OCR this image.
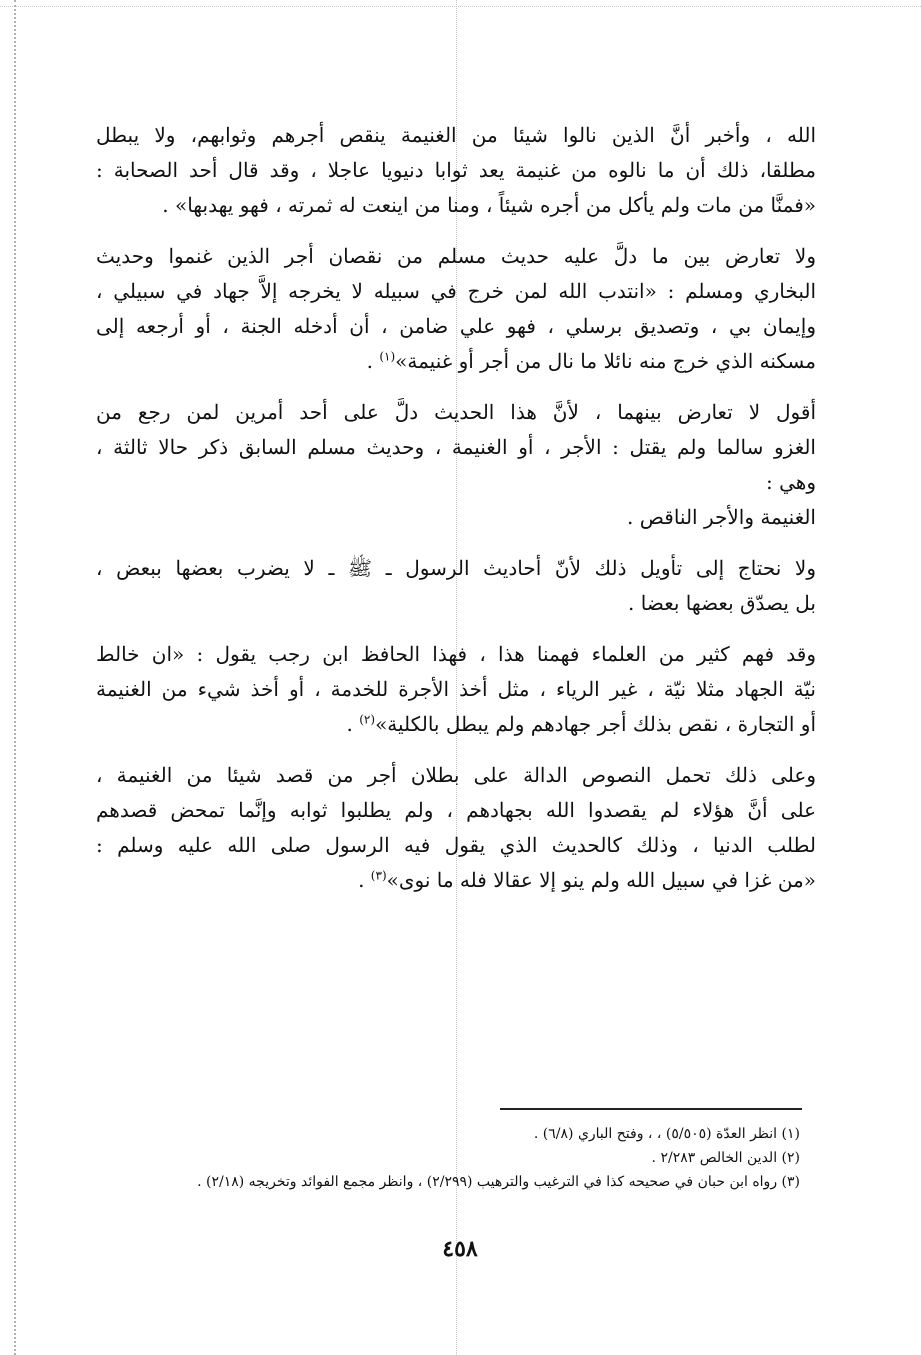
الله ، وأخبر أنَّ الذين نالوا شيئا من الغنيمة ينقص أجرهم وثوابهم، ولا يبطل
مطلقا، ذلك أن ما نالوه من غنيمة يعد ثوابا دنيويا عاجلا ، وقد قال أحد الصحابة :
«فمنَّا من مات ولم يأكل من أجره شيئاً ، ومنا من اينعت له ثمرته ، فهو يهدبها» .
ولا تعارض بين ما دلَّ عليه حديث مسلم من نقصان أجر الذين غنموا وحديث
البخاري ومسلم : «انتدب الله لمن خرج في سبيله لا يخرجه إلاَّ جهاد في سبيلي ،
وإيمان بي ، وتصديق برسلي ، فهو علي ضامن ، أن أدخله الجنة ، أو أرجعه إلى
مسكنه الذي خرج منه نائلا ما نال من أجر أو غنيمة»$^{(١)}$ .
أقول لا تعارض بينهما ، لأنَّ هذا الحديث دلَّ على أحد أمرين لمن رجع من
الغزو سالما ولم يقتل : الأجر ، أو الغنيمة ، وحديث مسلم السابق ذكر حالا ثالثة ،
وهي :
الغنيمة والأجر الناقص .
ولا نحتاج إلى تأويل ذلك لأنّ أحاديث الرسول ـ ﷺ ـ لا يضرب بعضها ببعض ،
بل يصدّق بعضها بعضا .
وقد فهم كثير من العلماء فهمنا هذا ، فهذا الحافظ ابن رجب يقول : «ان خالط
نيّة الجهاد مثلا نيّة ، غير الرياء ، مثل أخذ الأجرة للخدمة ، أو أخذ شيء من الغنيمة
أو التجارة ، نقص بذلك أجر جهادهم ولم يبطل بالكلية»$^{(٢)}$ .
وعلى ذلك تحمل النصوص الدالة على بطلان أجر من قصد شيئا من الغنيمة ،
على أنَّ هؤلاء لم يقصدوا الله بجهادهم ، ولم يطلبوا ثوابه وإنَّما تمحض قصدهم
لطلب الدنيا ، وذلك كالحديث الذي يقول فيه الرسول صلى الله عليه وسلم :
«من غزا في سبيل الله ولم ينو إلا عقالا فله ما نوى»$^{(٣)}$ .
(١) انظر العدّة (٥/٥٠٥) ، ، وفتح الباري (٦/٨) .
(٢) الدين الخالص ٢/٢٨٣ .
(٣) رواه ابن حبان في صحيحه كذا في الترغيب والترهيب (٢/٢٩٩) ، وانظر مجمع الفوائد وتخريجه (٢/١٨) .
٤٥٨
